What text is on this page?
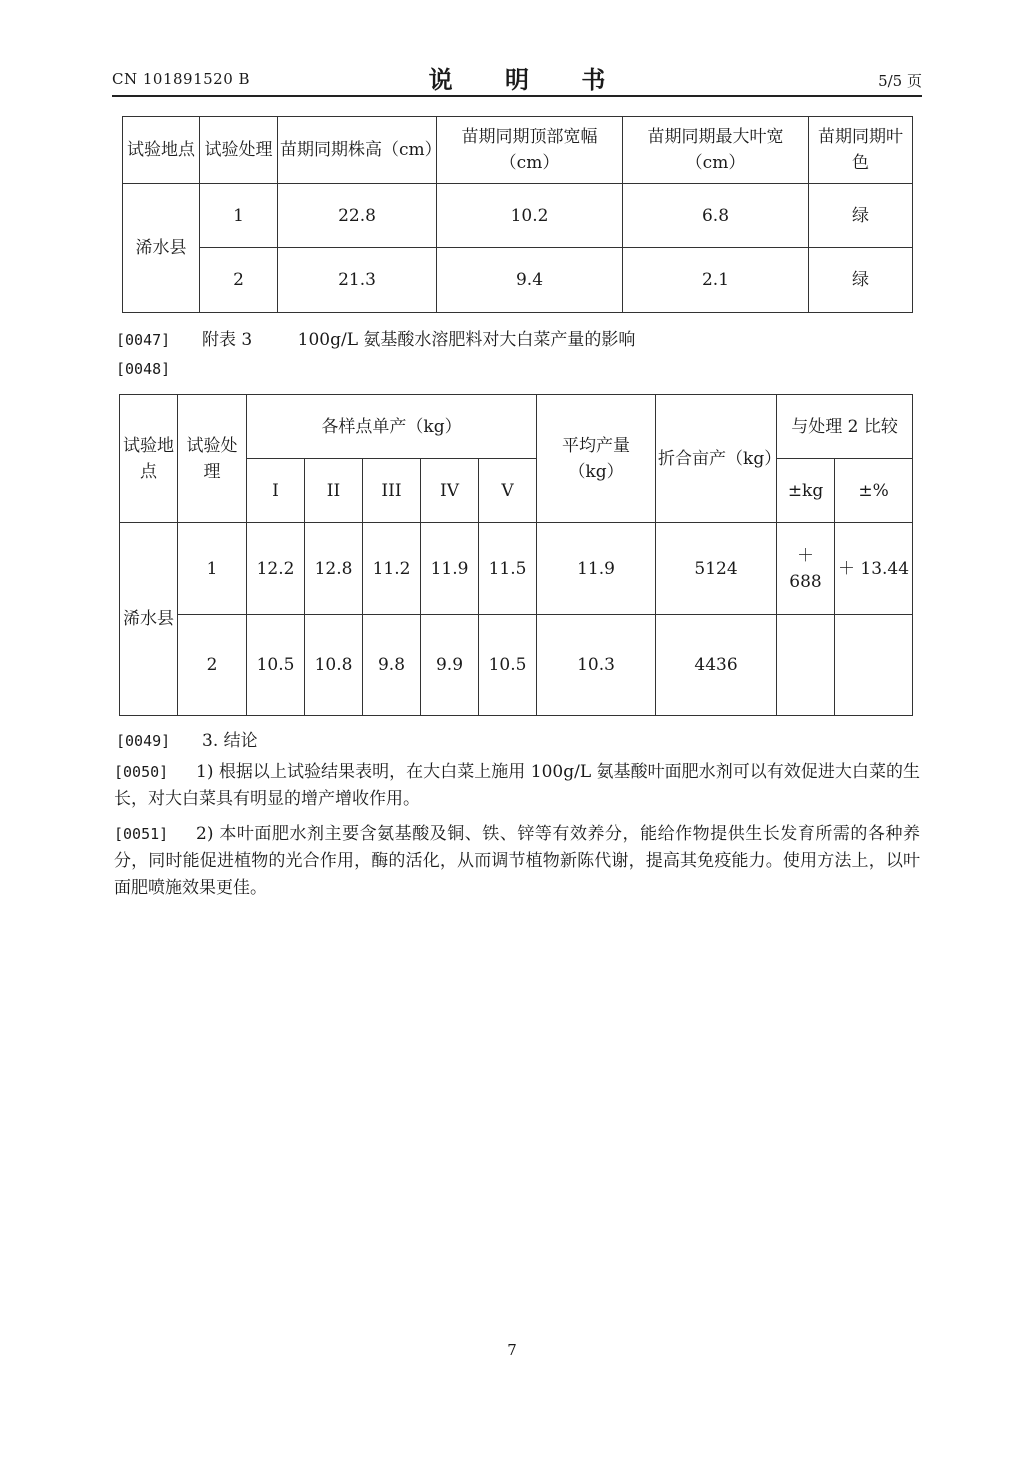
CN 101891520 B	说 明 书	5/5 页
试验地点	试验处理	苗期同期株高（cm）	苗期同期顶部宽幅（cm）	苗期同期最大叶宽（cm）	苗期同期叶色
浠水县	1	22.8	10.2	6.8	绿
	2	21.3	9.4	2.1	绿
[0047] 附表 3	100g/L 氨基酸水溶肥料对大白菜产量的影响
[0048]
试验地点	试验处理	各样点单产（kg）					平均产量（kg）	折合亩产（kg）	与处理 2 比较	
		I	II	III	IV	V			±kg	±%
浠水县	1	12.2	12.8	11.2	11.9	11.5	11.9	5124	＋ 688	＋ 13.44
	2	10.5	10.8	9.8	9.9	10.5	10.3	4436		
[0049] 3. 结论
[0050] 1) 根据以上试验结果表明，在大白菜上施用 100g/L 氨基酸叶面肥水剂可以有效促进大白菜的生长，对大白菜具有明显的增产增收作用。
[0051] 2) 本叶面肥水剂主要含氨基酸及铜、铁、锌等有效养分，能给作物提供生长发育所需的各种养分，同时能促进植物的光合作用，酶的活化，从而调节植物新陈代谢，提高其免疫能力。使用方法上，以叶面肥喷施效果更佳。
7
